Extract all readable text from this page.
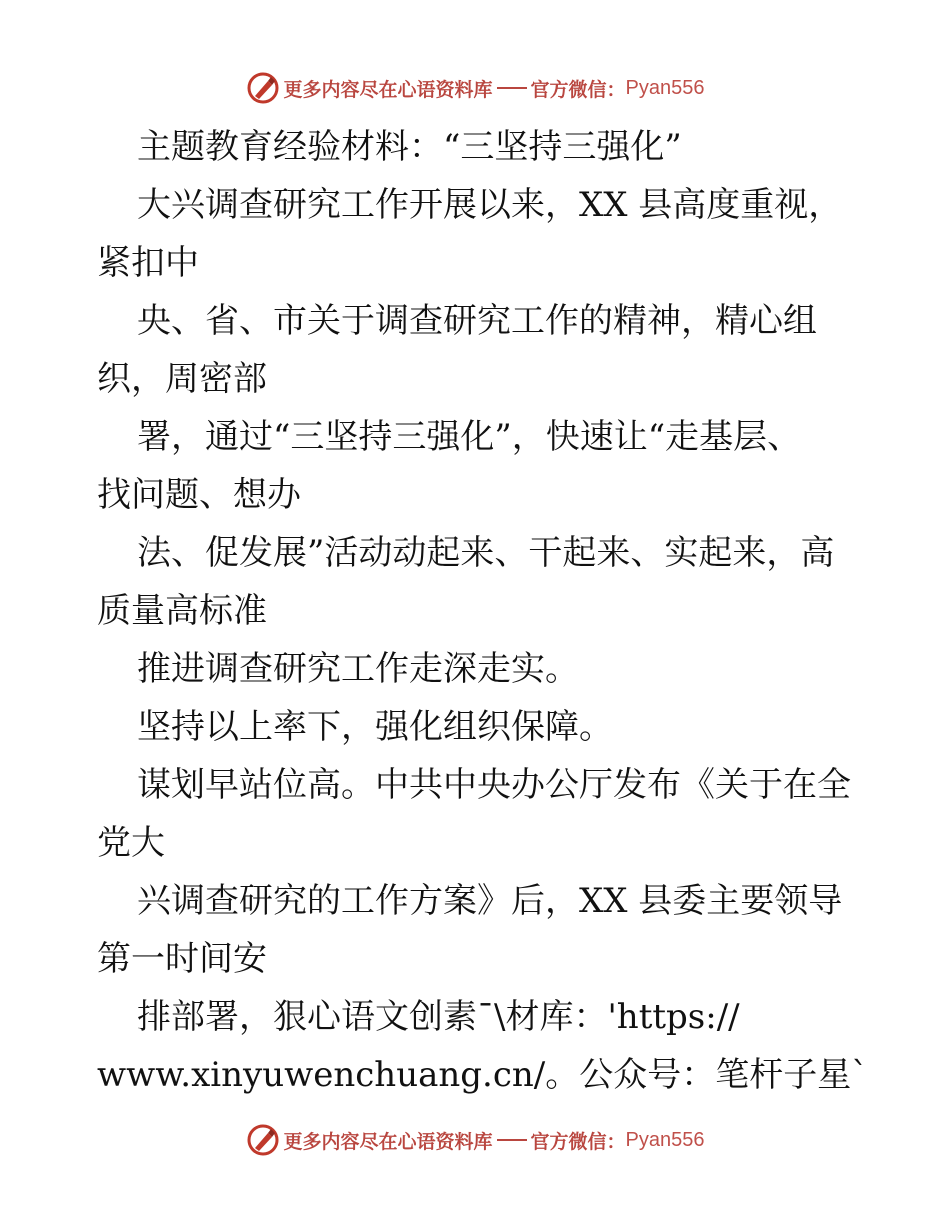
更多内容尽在心语资料库 官方微信： Pyan556
主题教育经验材料：“三坚持三强化”
大兴调查研究工作开展以来，XX 县高度重视，
紧扣中
央、省、市关于调查研究工作的精神，精心组
织，周密部
署，通过“三坚持三强化”，快速让“走基层、
找问题、想办
法、促发展”活动动起来、干起来、实起来，高
质量高标准
推进调查研究工作走深走实。
坚持以上率下，强化组织保障。
谋划早站位高。中共中央办公厅发布《关于在全
党大
兴调查研究的工作方案》后，XX 县委主要领导
第一时间安
排部署，狠心语文创素¯\材库：'https://
www.xinyuwenchuang.cn/。公众号：笔杆子星`
更多内容尽在心语资料库 官方微信： Pyan556
